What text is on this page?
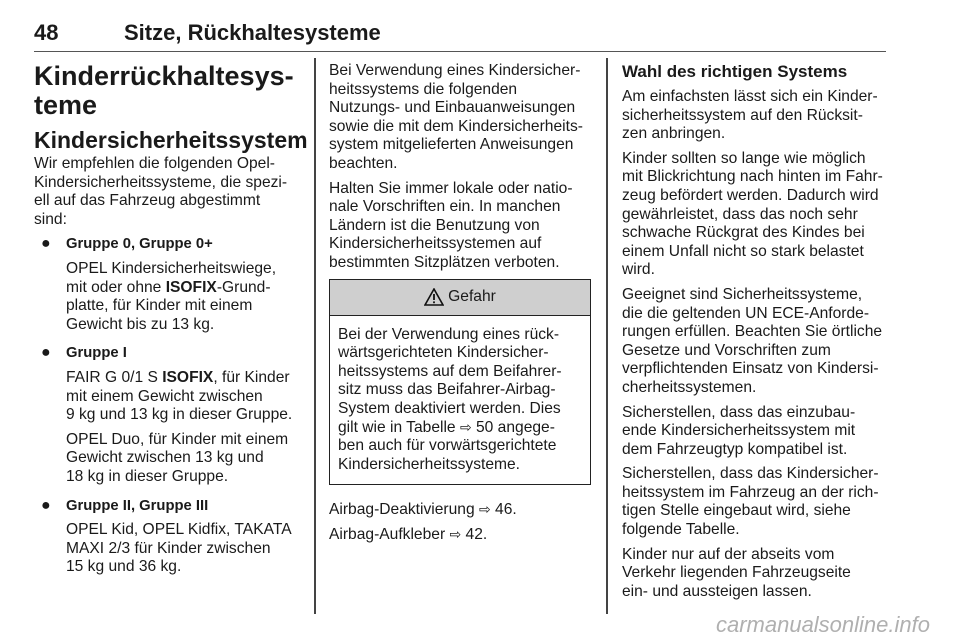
48	Sitze, Rückhaltesysteme
Kinderrückhaltesys-
teme
Kindersicherheitssystem

Wir empfehlen die folgenden Opel-
Kindersicherheitssysteme, die spezi-
ell auf das Fahrzeug abgestimmt
sind:

● Gruppe 0, Gruppe 0+
OPEL Kindersicherheitswiege,
mit oder ohne ISOFIX-Grund-
platte, für Kinder mit einem
Gewicht bis zu 13 kg.
● Gruppe I
FAIR G 0/1 S ISOFIX, für Kinder
mit einem Gewicht zwischen
9 kg und 13 kg in dieser Gruppe.
OPEL Duo, für Kinder mit einem
Gewicht zwischen 13 kg und
18 kg in dieser Gruppe.
● Gruppe II, Gruppe III
OPEL Kid, OPEL Kidfix, TAKATA
MAXI 2/3 für Kinder zwischen
15 kg und 36 kg.

Bei Verwendung eines Kindersicher-
heitssystems die folgenden
Nutzungs- und Einbauanweisungen
sowie die mit dem Kindersicherheits-
system mitgelieferten Anweisungen
beachten.

Halten Sie immer lokale oder natio-
nale Vorschriften ein. In manchen
Ländern ist die Benutzung von
Kindersicherheitssystemen auf
bestimmten Sitzplätzen verboten.

Gefahr
Bei der Verwendung eines rück-
wärtsgerichteten Kindersicher-
heitssystems auf dem Beifahrer-
sitz muss das Beifahrer-Airbag-
System deaktiviert werden. Dies
gilt wie in Tabelle ⇨ 50 angege-
ben auch für vorwärtsgerichtete
Kindersicherheitssysteme.

Airbag-Deaktivierung ⇨ 46.

Airbag-Aufkleber ⇨ 42.

Wahl des richtigen Systems

Am einfachsten lässt sich ein Kinder-
sicherheitssystem auf den Rücksit-
zen anbringen.

Kinder sollten so lange wie möglich
mit Blickrichtung nach hinten im Fahr-
zeug befördert werden. Dadurch wird
gewährleistet, dass das noch sehr
schwache Rückgrat des Kindes bei
einem Unfall nicht so stark belastet
wird.

Geeignet sind Sicherheitssysteme,
die die geltenden UN ECE-Anforde-
rungen erfüllen. Beachten Sie örtliche
Gesetze und Vorschriften zum
verpflichtenden Einsatz von Kindersi-
cherheitssystemen.

Sicherstellen, dass das einzubau-
ende Kindersicherheitssystem mit
dem Fahrzeugtyp kompatibel ist.

Sicherstellen, dass das Kindersicher-
heitssystem im Fahrzeug an der rich-
tigen Stelle eingebaut wird, siehe
folgende Tabelle.

Kinder nur auf der abseits vom
Verkehr liegenden Fahrzeugseite
ein- und aussteigen lassen.

carmanualsonline.info
